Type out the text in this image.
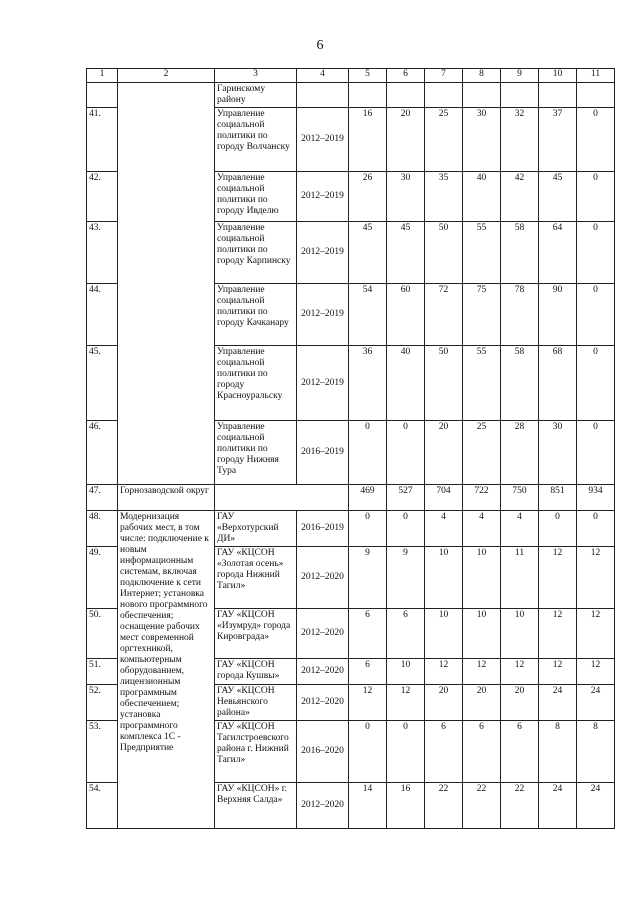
6
1	2	3	4	5	6	7	8	9	10	11
		Гаринскому району								
41.		Управление социальной политики по городу Волчанску	2012–2019	16	20	25	30	32	37	0
42.		Управление социальной политики по городу Ивделю	2012–2019	26	30	35	40	42	45	0
43.		Управление социальной политики по городу Карпинску	2012–2019	45	45	50	55	58	64	0
44.		Управление социальной политики по городу Качканару	2012–2019	54	60	72	75	78	90	0
45.		Управление социальной политики по городу Красноуральску	2012–2019	36	40	50	55	58	68	0
46.		Управление социальной политики по городу Нижняя Тура	2016–2019	0	0	20	25	28	30	0
47.	Горнозаводской округ			469	527	704	722	750	851	934
48.	Модернизация рабочих мест, в том числе: подключение к новым информационным системам, включая подключение к сети Интернет; установка нового программного обеспечения; оснащение рабочих мест современной оргтехникой, компьютерным оборудованием, лицензионным программным обеспечением; установка программного комплекса 1С - Предприятие	ГАУ «Верхотурский ДИ»	2016–2019	0	0	4	4	4	0	0
49.		ГАУ «КЦСОН «Золотая осень» города Нижний Тагил»	2012–2020	9	9	10	10	11	12	12
50.		ГАУ «КЦСОН «Изумруд» города Кировграда»	2012–2020	6	6	10	10	10	12	12
51.		ГАУ «КЦСОН города Кушвы»	2012–2020	6	10	12	12	12	12	12
52.		ГАУ «КЦСОН Невьянского района»	2012–2020	12	12	20	20	20	24	24
53.		ГАУ «КЦСОН Тагилстроевского района г. Нижний Тагил»	2016–2020	0	0	6	6	6	8	8
54.		ГАУ «КЦСОН» г. Верхняя Салда»	2012–2020	14	16	22	22	22	24	24
